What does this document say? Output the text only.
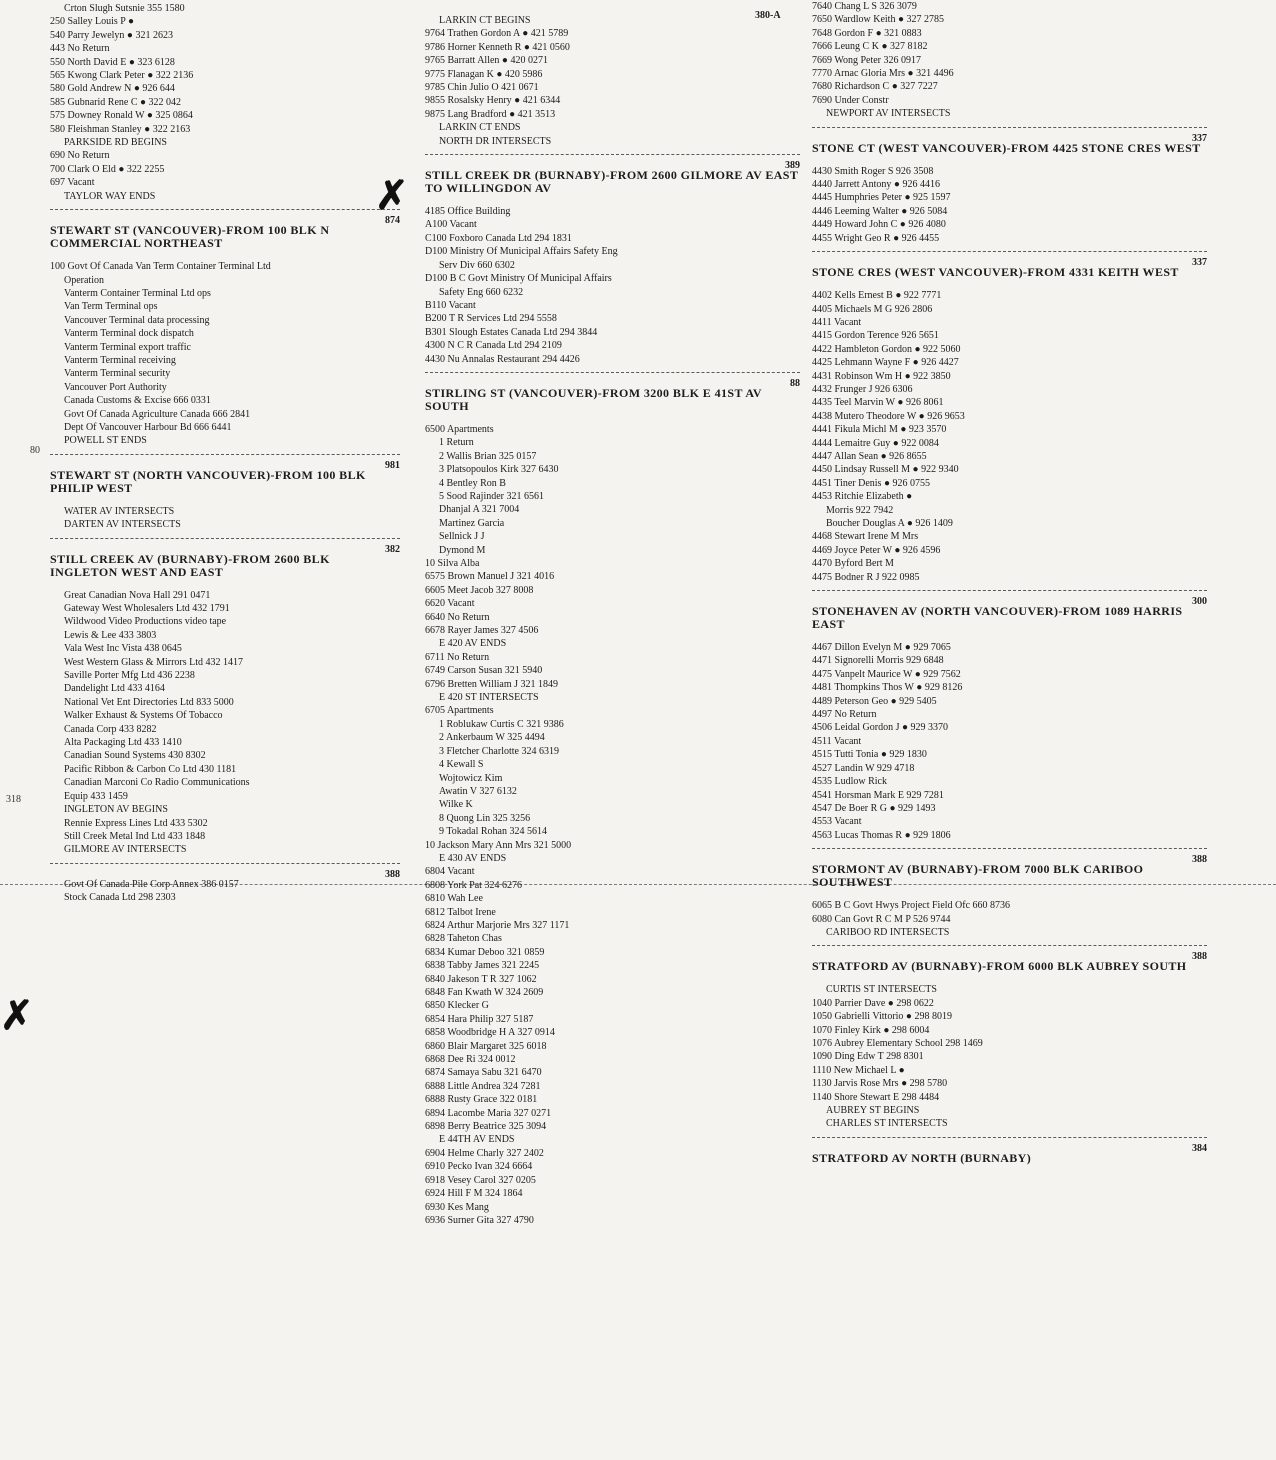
80
318
✗
✗
380-A
Crton Slugh Sutsnie 355 1580
250 Salley Louis P ●
540 Parry Jewelyn ● 321 2623
443 No Return
550 North David E ● 323 6128
565 Kwong Clark Peter ● 322 2136
580 Gold Andrew N ● 926 644
585 Gubnarid Rene C ● 322 042
575 Downey Ronald W ● 325 0864
580 Fleishman Stanley ● 322 2163
PARKSIDE RD BEGINS
690 No Return
700 Clark O Eld ● 322 2255
697 Vacant
TAYLOR WAY ENDS
STEWART ST (VANCOUVER)-FROM 100 BLK N COMMERCIAL NORTHEAST
874
100 Govt Of Canada Van Term Container Terminal Ltd
Operation
Vanterm Container Terminal Ltd ops
Van Term Terminal ops
Vancouver Terminal data processing
Vanterm Terminal dock dispatch
Vanterm Terminal export traffic
Vanterm Terminal receiving
Vanterm Terminal security
Vancouver Port Authority
Canada Customs & Excise 666 0331
Govt Of Canada Agriculture Canada 666 2841
Dept Of Vancouver Harbour Bd 666 6441
POWELL ST ENDS
STEWART ST (NORTH VANCOUVER)-FROM 100 BLK PHILIP WEST
981
WATER AV INTERSECTS
DARTEN AV INTERSECTS
STILL CREEK AV (BURNABY)-FROM 2600 BLK INGLETON WEST AND EAST
382
Great Canadian Nova Hall 291 0471
Gateway West Wholesalers Ltd 432 1791
Wildwood Video Productions video tape
Lewis & Lee 433 3803
Vala West Inc Vista 438 0645
West Western Glass & Mirrors Ltd 432 1417
Saville Porter Mfg Ltd 436 2238
Dandelight Ltd 433 4164
National Vet Ent Directories Ltd 833 5000
Walker Exhaust & Systems Of Tobacco
Canada Corp 433 8282
Alta Packaging Ltd 433 1410
Canadian Sound Systems 430 8302
Pacific Ribbon & Carbon Co Ltd 430 1181
Canadian Marconi Co Radio Communications
Equip 433 1459
INGLETON AV BEGINS
Rennie Express Lines Ltd 433 5302
Still Creek Metal Ind Ltd 433 1848
GILMORE AV INTERSECTS
388
Govt Of Canada Pile Corp Annex 386 0157
Stock Canada Ltd 298 2303
LARKIN CT BEGINS
9764 Trathen Gordon A ● 421 5789
9786 Horner Kenneth R ● 421 0560
9765 Barratt Allen ● 420 0271
9775 Flanagan K ● 420 5986
9785 Chin Julio O 421 0671
9855 Rosalsky Henry ● 421 6344
9875 Lang Bradford ● 421 3513
LARKIN CT ENDS
NORTH DR INTERSECTS
STILL CREEK DR (BURNABY)-FROM 2600 GILMORE AV EAST TO WILLINGDON AV
389
4185 Office Building
A100 Vacant
C100 Foxboro Canada Ltd 294 1831
D100 Ministry Of Municipal Affairs Safety Eng
Serv Div 660 6302
D100 B C Govt Ministry Of Municipal Affairs
Safety Eng 660 6232
B110 Vacant
B200 T R Services Ltd 294 5558
B301 Slough Estates Canada Ltd 294 3844
4300 N C R Canada Ltd 294 2109
4430 Nu Annalas Restaurant 294 4426
STIRLING ST (VANCOUVER)-FROM 3200 BLK E 41ST AV SOUTH
88
6500 Apartments
1 Return
2 Wallis Brian 325 0157
3 Platsopoulos Kirk 327 6430
4 Bentley Ron B
5 Sood Rajinder 321 6561
Dhanjal A 321 7004
Martinez Garcia
Sellnick J J
Dymond M
10 Silva Alba
6575 Brown Manuel J 321 4016
6605 Meet Jacob 327 8008
6620 Vacant
6640 No Return
6678 Rayer James 327 4506
E 420 AV ENDS
6711 No Return
6749 Carson Susan 321 5940
6796 Bretten William J 321 1849
E 420 ST INTERSECTS
6705 Apartments
1 Roblukaw Curtis C 321 9386
2 Ankerbaum W 325 4494
3 Fletcher Charlotte 324 6319
4 Kewall S
Wojtowicz Kim
Awatin V 327 6132
Wilke K
8 Quong Lin 325 3256
9 Tokadal Rohan 324 5614
10 Jackson Mary Ann Mrs 321 5000
E 430 AV ENDS
6804 Vacant
6808 York Pat 324 6276
6810 Wah Lee
6812 Talbot Irene
6824 Arthur Marjorie Mrs 327 1171
6828 Taheton Chas
6834 Kumar Deboo 321 0859
6838 Tabby James 321 2245
6840 Jakeson T R 327 1062
6848 Fan Kwath W 324 2609
6850 Klecker G
6854 Hara Philip 327 5187
6858 Woodbridge H A 327 0914
6860 Blair Margaret 325 6018
6868 Dee Ri 324 0012
6874 Samaya Sabu 321 6470
6888 Little Andrea 324 7281
6888 Rusty Grace 322 0181
6894 Lacombe Maria 327 0271
6898 Berry Beatrice 325 3094
E 44TH AV ENDS
6904 Helme Charly 327 2402
6910 Pecko Ivan 324 6664
6918 Vesey Carol 327 0205
6924 Hill F M 324 1864
6930 Kes Mang
6936 Surner Gita 327 4790
7640 Chang L S 326 3079
7650 Wardlow Keith ● 327 2785
7648 Gordon F ● 321 0883
7666 Leung C K ● 327 8182
7669 Wong Peter 326 0917
7770 Arnac Gloria Mrs ● 321 4496
7680 Richardson C ● 327 7227
7690 Under Constr
NEWPORT AV INTERSECTS
STONE CT (WEST VANCOUVER)-FROM 4425 STONE CRES WEST
337
4430 Smith Roger S 926 3508
4440 Jarrett Antony ● 926 4416
4445 Humphries Peter ● 925 1597
4446 Leeming Walter ● 926 5084
4449 Howard John C ● 926 4080
4455 Wright Geo R ● 926 4455
STONE CRES (WEST VANCOUVER)-FROM 4331 KEITH WEST
337
4402 Kells Ernest B ● 922 7771
4405 Michaels M G 926 2806
4411 Vacant
4415 Gordon Terence 926 5651
4422 Hambleton Gordon ● 922 5060
4425 Lehmann Wayne F ● 926 4427
4431 Robinson Wm H ● 922 3850
4432 Frunger J 926 6306
4435 Teel Marvin W ● 926 8061
4438 Mutero Theodore W ● 926 9653
4441 Fikula Michl M ● 923 3570
4444 Lemaitre Guy ● 922 0084
4447 Allan Sean ● 926 8655
4450 Lindsay Russell M ● 922 9340
4451 Tiner Denis ● 926 0755
4453 Ritchie Elizabeth ●
Morris 922 7942
Boucher Douglas A ● 926 1409
4468 Stewart Irene M Mrs
4469 Joyce Peter W ● 926 4596
4470 Byford Bert M
4475 Bodner R J 922 0985
STONEHAVEN AV (NORTH VANCOUVER)-FROM 1089 HARRIS EAST
300
4467 Dillon Evelyn M ● 929 7065
4471 Signorelli Morris 929 6848
4475 Vanpelt Maurice W ● 929 7562
4481 Thompkins Thos W ● 929 8126
4489 Peterson Geo ● 929 5405
4497 No Return
4506 Leidal Gordon J ● 929 3370
4511 Vacant
4515 Tutti Tonia ● 929 1830
4527 Landin W 929 4718
4535 Ludlow Rick
4541 Horsman Mark E 929 7281
4547 De Boer R G ● 929 1493
4553 Vacant
4563 Lucas Thomas R ● 929 1806
STORMONT AV (BURNABY)-FROM 7000 BLK CARIBOO SOUTHWEST
388
6065 B C Govt Hwys Project Field Ofc 660 8736
6080 Can Govt R C M P 526 9744
CARIBOO RD INTERSECTS
STRATFORD AV (BURNABY)-FROM 6000 BLK AUBREY SOUTH
388
CURTIS ST INTERSECTS
1040 Parrier Dave ● 298 0622
1050 Gabrielli Vittorio ● 298 8019
1070 Finley Kirk ● 298 6004
1076 Aubrey Elementary School 298 1469
1090 Ding Edw T 298 8301
1110 New Michael L ●
1130 Jarvis Rose Mrs ● 298 5780
1140 Shore Stewart E 298 4484
AUBREY ST BEGINS
CHARLES ST INTERSECTS
STRATFORD AV NORTH (BURNABY)
384
